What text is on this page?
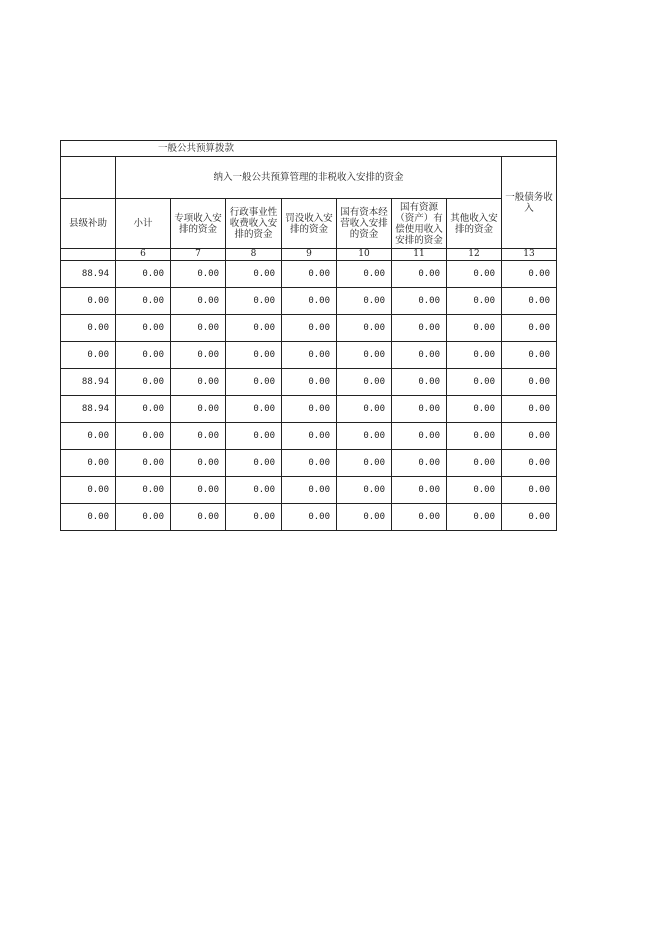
一般公共预算拨款								
	纳入一般公共预算管理的非税收入安排的资金							一般债务收入
县级补助	小计	专项收入安排的资金	行政事业性收费收入安排的资金	罚没收入安排的资金	国有资本经营收入安排的资金	国有资源（资产）有偿使用收入安排的资金	其他收入安排的资金	
	6	7	8	9	10	11	12	13
88.94	0.00	0.00	0.00	0.00	0.00	0.00	0.00	0.00
0.00	0.00	0.00	0.00	0.00	0.00	0.00	0.00	0.00
0.00	0.00	0.00	0.00	0.00	0.00	0.00	0.00	0.00
0.00	0.00	0.00	0.00	0.00	0.00	0.00	0.00	0.00
88.94	0.00	0.00	0.00	0.00	0.00	0.00	0.00	0.00
88.94	0.00	0.00	0.00	0.00	0.00	0.00	0.00	0.00
0.00	0.00	0.00	0.00	0.00	0.00	0.00	0.00	0.00
0.00	0.00	0.00	0.00	0.00	0.00	0.00	0.00	0.00
0.00	0.00	0.00	0.00	0.00	0.00	0.00	0.00	0.00
0.00	0.00	0.00	0.00	0.00	0.00	0.00	0.00	0.00
